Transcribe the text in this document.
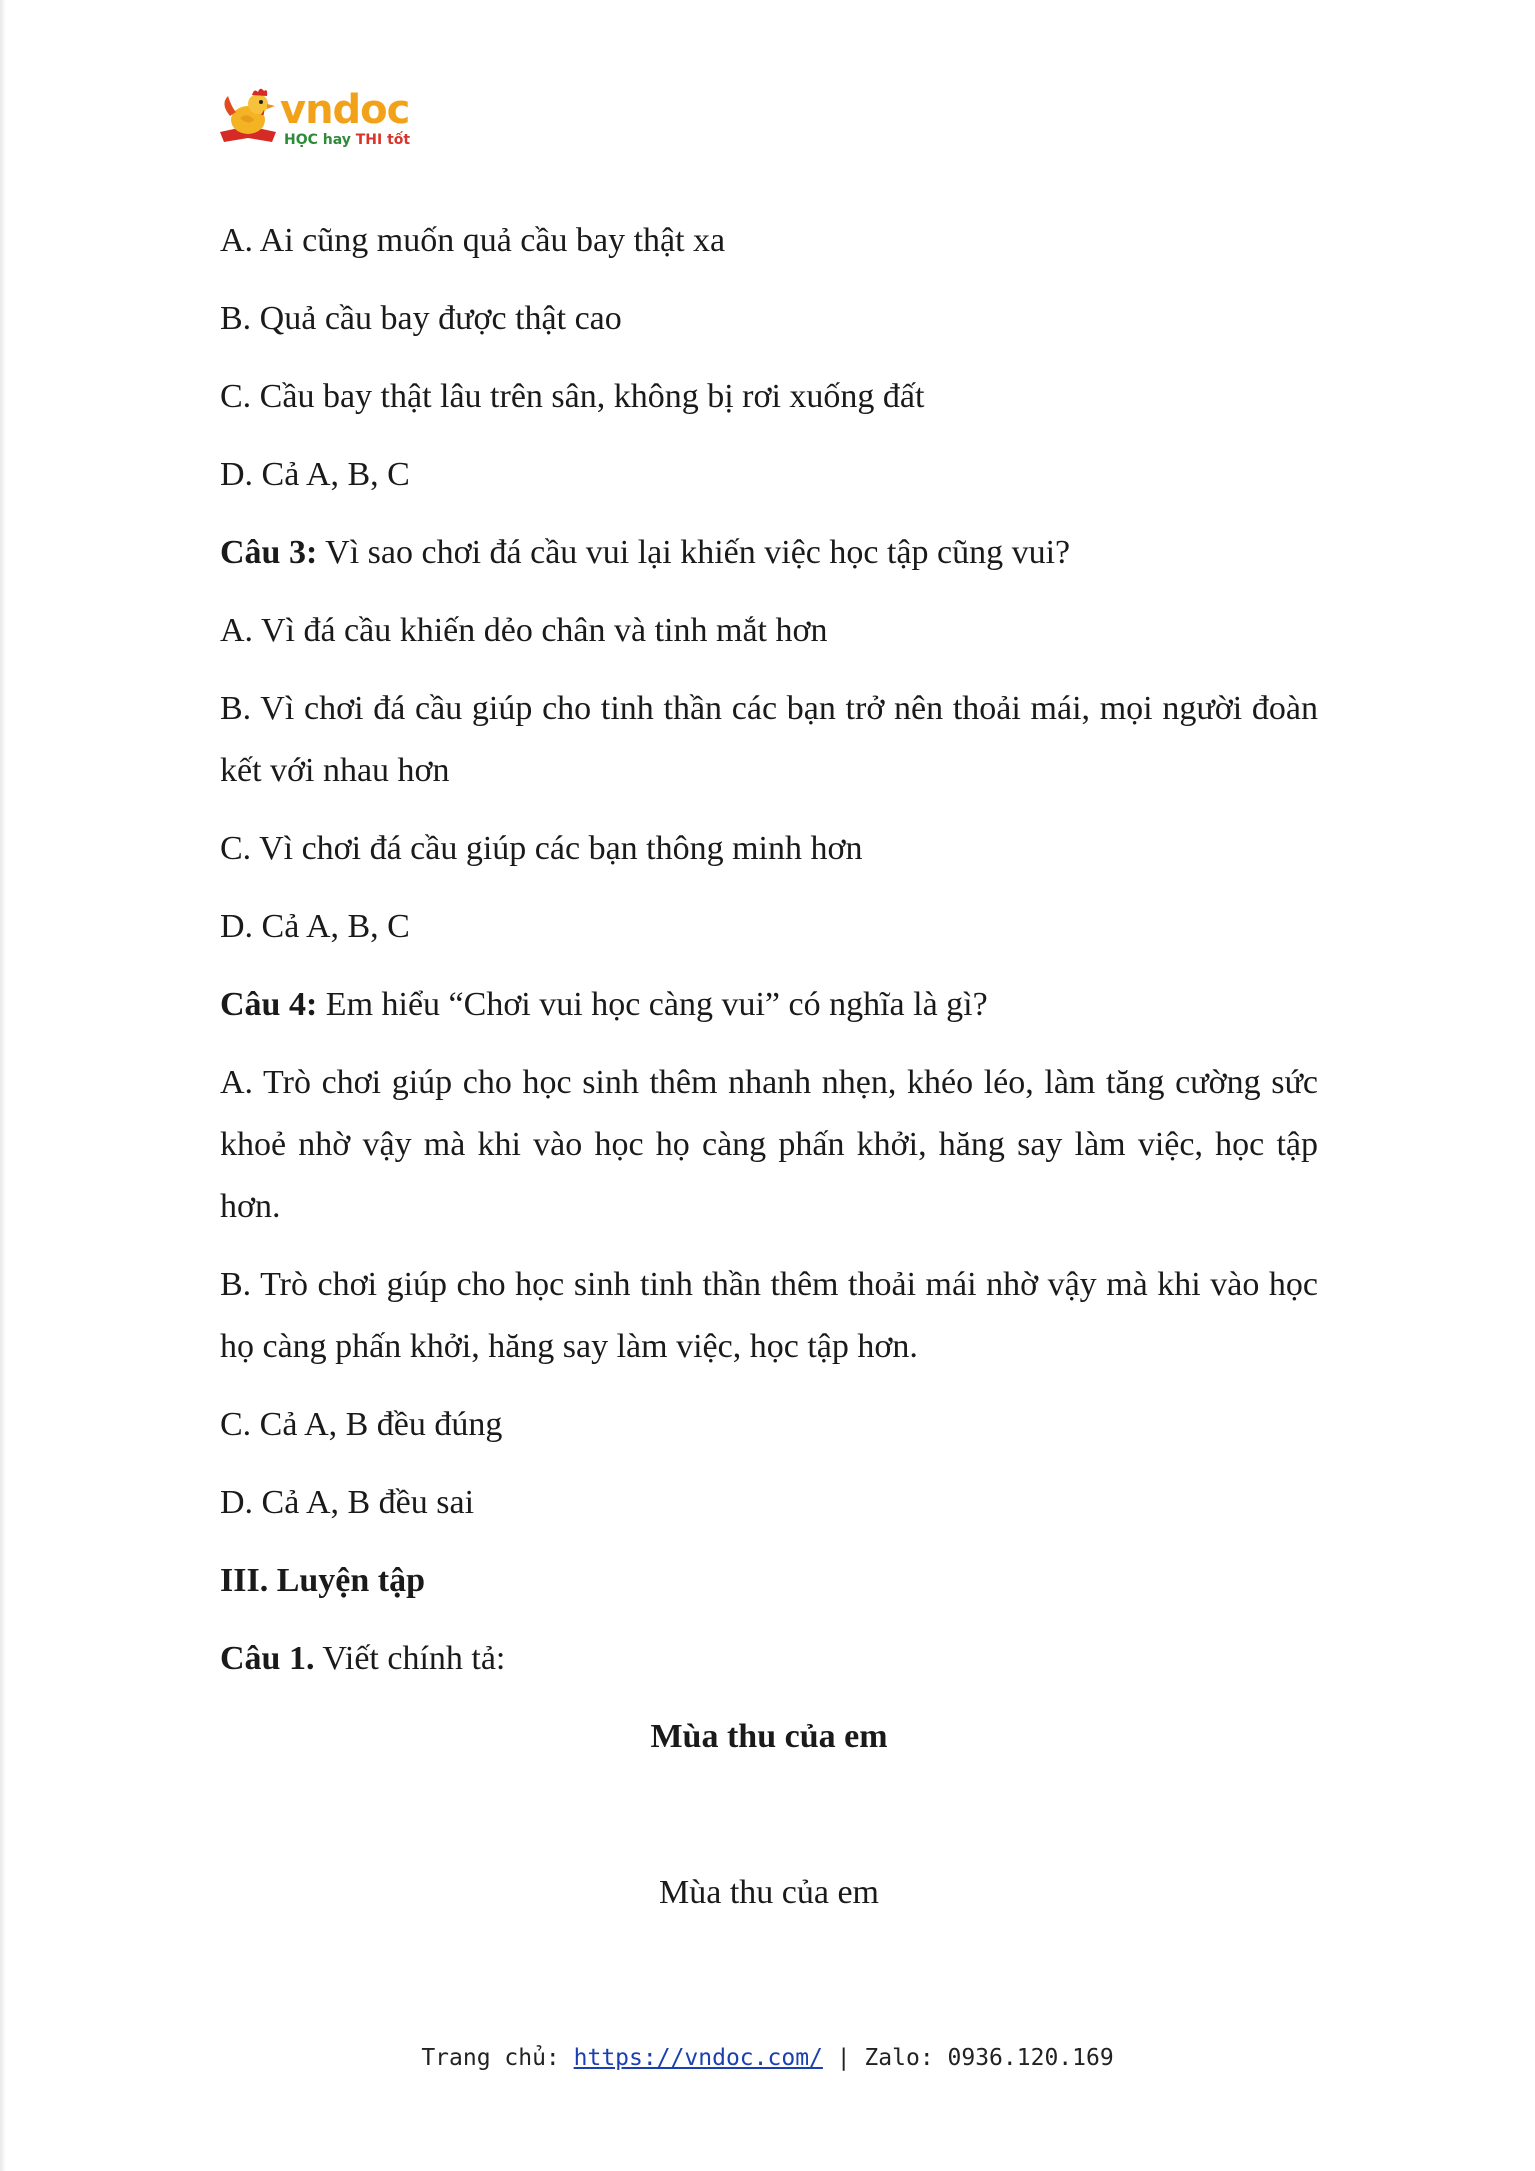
vndoc
HỌC hay THI tốt

A. Ai cũng muốn quả cầu bay thật xa

B. Quả cầu bay được thật cao

C. Cầu bay thật lâu trên sân, không bị rơi xuống đất

D. Cả A, B, C

Câu 3: Vì sao chơi đá cầu vui lại khiến việc học tập cũng vui?

A. Vì đá cầu khiến dẻo chân và tinh mắt hơn

B. Vì chơi đá cầu giúp cho tinh thần các bạn trở nên thoải mái, mọi người đoàn kết với nhau hơn

C. Vì chơi đá cầu giúp các bạn thông minh hơn

D. Cả A, B, C

Câu 4: Em hiểu “Chơi vui học càng vui” có nghĩa là gì?

A. Trò chơi giúp cho học sinh thêm nhanh nhẹn, khéo léo, làm tăng cường sức khoẻ nhờ vậy mà khi vào học họ càng phấn khởi, hăng say làm việc, học tập hơn.

B. Trò chơi giúp cho học sinh tinh thần thêm thoải mái nhờ vậy mà khi vào học họ càng phấn khởi, hăng say làm việc, học tập hơn.

C. Cả A, B đều đúng

D. Cả A, B đều sai

III. Luyện tập

Câu 1. Viết chính tả:

Mùa thu của em

Mùa thu của em

Trang chủ: https://vndoc.com/ | Zalo: 0936.120.169
